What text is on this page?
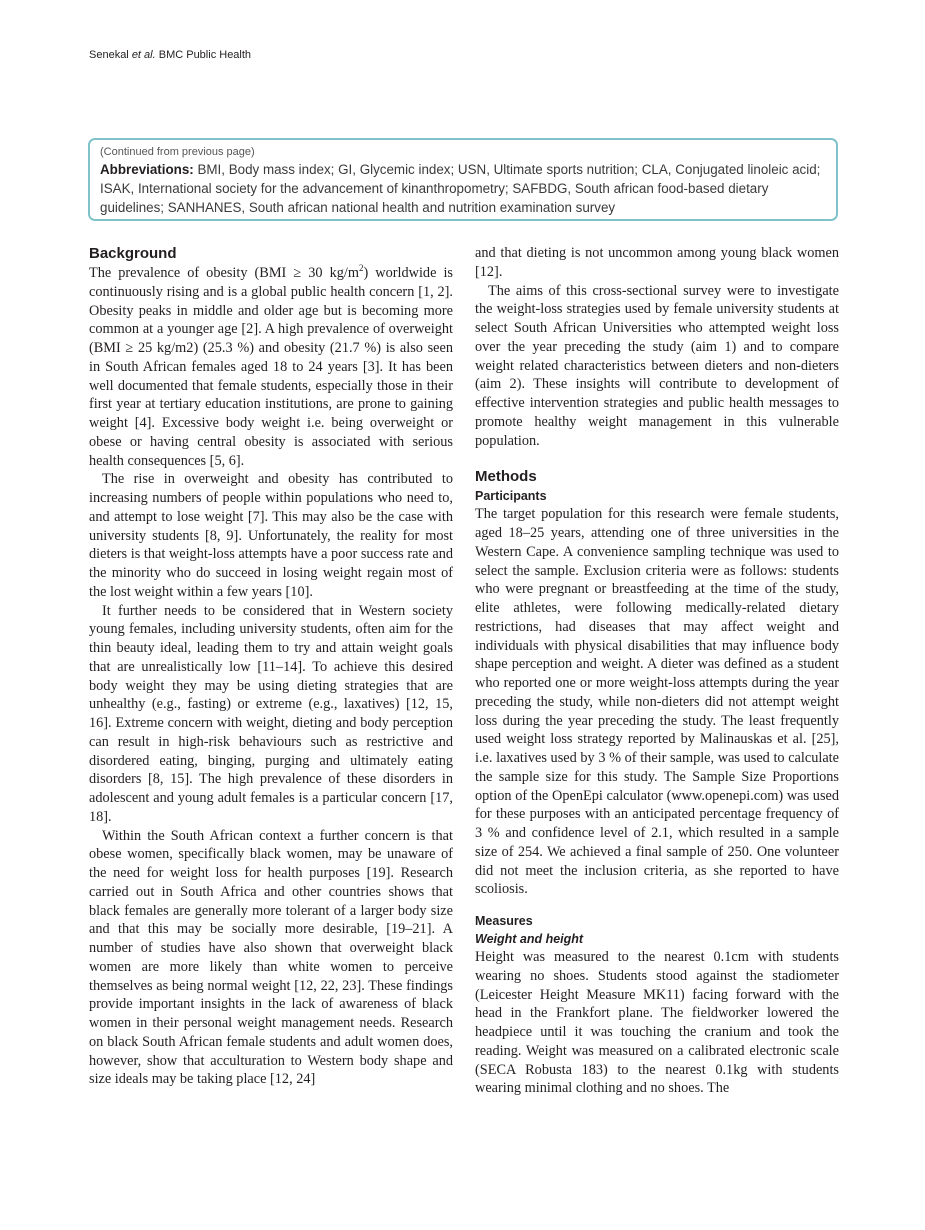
Senekal et al. BMC Public Health
(Continued from previous page)
Abbreviations: BMI, Body mass index; GI, Glycemic index; USN, Ultimate sports nutrition; CLA, Conjugated linoleic acid; ISAK, International society for the advancement of kinanthropometry; SAFBDG, South african food-based dietary guidelines; SANHANES, South african national health and nutrition examination survey
Background

The prevalence of obesity (BMI ≥ 30 $kg/m^2$) worldwide is continuously rising and is a global public health concern [1, 2]. Obesity peaks in middle and older age but is becoming more common at a younger age [2]. A high prevalence of overweight (BMI ≥ 25 kg/m2) (25.3 %) and obesity (21.7 %) is also seen in South African females aged 18 to 24 years [3]. It has been well documented that female students, especially those in their first year at tertiary education institutions, are prone to gaining weight [4]. Excessive body weight i.e. being overweight or obese or having central obesity is associated with serious health consequences [5, 6].

The rise in overweight and obesity has contributed to increasing numbers of people within populations who need to, and attempt to lose weight [7]. This may also be the case with university students [8, 9]. Unfortunately, the reality for most dieters is that weight-loss attempts have a poor success rate and the minority who do succeed in losing weight regain most of the lost weight within a few years [10].

It further needs to be considered that in Western society young females, including university students, often aim for the thin beauty ideal, leading them to try and attain weight goals that are unrealistically low [11–14]. To achieve this desired body weight they may be using dieting strategies that are unhealthy (e.g., fasting) or extreme (e.g., laxatives) [12, 15, 16]. Extreme concern with weight, dieting and body perception can result in high-risk behaviours such as restrictive and disordered eating, binging, purging and ultimately eating disorders [8, 15]. The high prevalence of these disorders in adolescent and young adult females is a particular concern [17, 18].

Within the South African context a further concern is that obese women, specifically black women, may be unaware of the need for weight loss for health purposes [19]. Research carried out in South Africa and other countries shows that black females are generally more tolerant of a larger body size and that this may be socially more desirable, [19–21]. A number of studies have also shown that overweight black women are more likely than white women to perceive themselves as being normal weight [12, 22, 23]. These findings provide important insights in the lack of awareness of black women in their personal weight management needs. Research on black South African female students and adult women does, however, show that acculturation to Western body shape and size ideals may be taking place [12, 24]

and that dieting is not uncommon among young black women [12].

The aims of this cross-sectional survey were to investigate the weight-loss strategies used by female university students at select South African Universities who attempted weight loss over the year preceding the study (aim 1) and to compare weight related characteristics between dieters and non-dieters (aim 2). These insights will contribute to development of effective intervention strategies and public health messages to promote healthy weight management in this vulnerable population.

Methods
Participants

The target population for this research were female students, aged 18–25 years, attending one of three universities in the Western Cape. A convenience sampling technique was used to select the sample. Exclusion criteria were as follows: students who were pregnant or breastfeeding at the time of the study, elite athletes, were following medically-related dietary restrictions, had diseases that may affect weight and individuals with physical disabilities that may influence body shape perception and weight. A dieter was defined as a student who reported one or more weight-loss attempts during the year preceding the study, while non-dieters did not attempt weight loss during the year preceding the study. The least frequently used weight loss strategy reported by Malinauskas et al. [25], i.e. laxatives used by 3 % of their sample, was used to calculate the sample size for this study. The Sample Size Proportions option of the OpenEpi calculator (www.openepi.com) was used for these purposes with an anticipated percentage frequency of 3 % and confidence level of 2.1, which resulted in a sample size of 254. We achieved a final sample of 250. One volunteer did not meet the inclusion criteria, as she reported to have scoliosis.

Measures
Weight and height

Height was measured to the nearest 0.1cm with students wearing no shoes. Students stood against the stadiometer (Leicester Height Measure MK11) facing forward with the head in the Frankfort plane. The fieldworker lowered the headpiece until it was touching the cranium and took the reading. Weight was measured on a calibrated electronic scale (SECA Robusta 183) to the nearest 0.1kg with students wearing minimal clothing and no shoes. The
